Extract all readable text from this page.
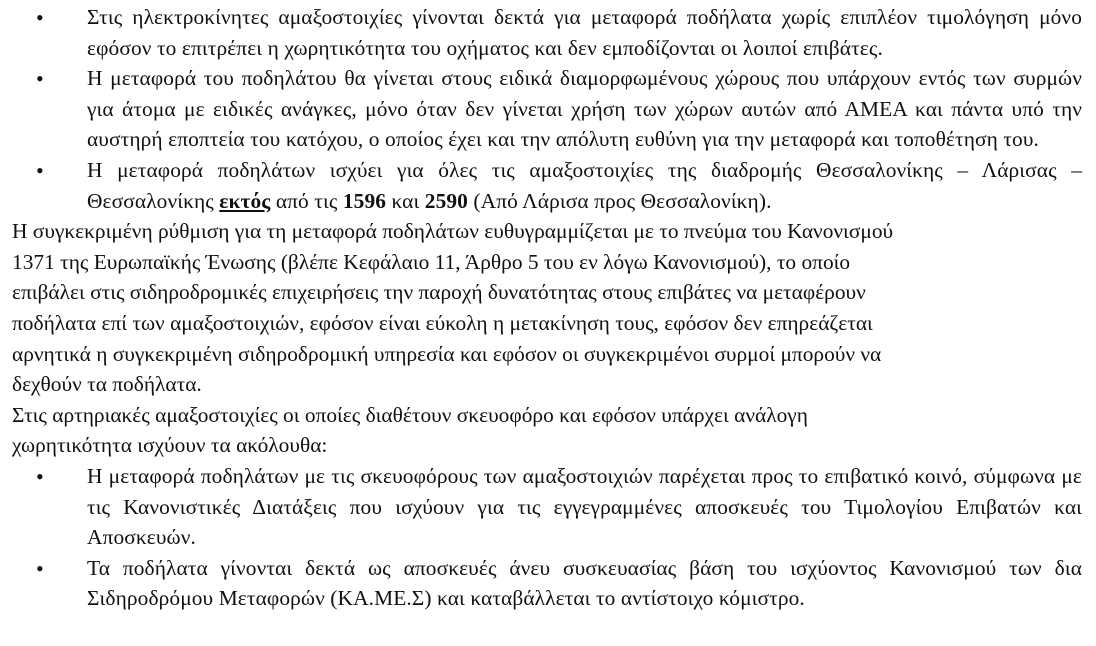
• Στις ηλεκτροκίνητες αμαξοστοιχίες γίνονται δεκτά για μεταφορά ποδήλατα χωρίς επιπλέον τιμολόγηση μόνο εφόσον το επιτρέπει η χωρητικότητα του οχήματος και δεν εμποδίζονται οι λοιποί επιβάτες.
• Η μεταφορά του ποδηλάτου θα γίνεται στους ειδικά διαμορφωμένους χώρους που υπάρχουν εντός των συρμών για άτομα με ειδικές ανάγκες, μόνο όταν δεν γίνεται χρήση των χώρων αυτών από ΑΜΕΑ και πάντα υπό την αυστηρή εποπτεία του κατόχου, ο οποίος έχει και την απόλυτη ευθύνη για την μεταφορά και τοποθέτηση του.
• Η μεταφορά ποδηλάτων ισχύει για όλες τις αμαξοστοιχίες της διαδρομής Θεσσαλονίκης – Λάρισας – Θεσσαλονίκης εκτός από τις 1596 και 2590 (Από Λάρισα προς Θεσσαλονίκη).
Η συγκεκριμένη ρύθμιση για τη μεταφορά ποδηλάτων ευθυγραμμίζεται με το πνεύμα του Κανονισμού
1371 της Ευρωπαϊκής Ένωσης (βλέπε Κεφάλαιο 11, Άρθρο 5 του εν λόγω Κανονισμού), το οποίο
επιβάλει στις σιδηροδρομικές επιχειρήσεις την παροχή δυνατότητας στους επιβάτες να μεταφέρουν
ποδήλατα επί των αμαξοστοιχιών, εφόσον είναι εύκολη η μετακίνηση τους, εφόσον δεν επηρεάζεται
αρνητικά η συγκεκριμένη σιδηροδρομική υπηρεσία και εφόσον οι συγκεκριμένοι συρμοί μπορούν να
δεχθούν τα ποδήλατα.
Στις αρτηριακές αμαξοστοιχίες οι οποίες διαθέτουν σκευοφόρο και εφόσον υπάρχει ανάλογη
χωρητικότητα ισχύουν τα ακόλουθα:
• Η μεταφορά ποδηλάτων με τις σκευοφόρους των αμαξοστοιχιών παρέχεται προς το επιβατικό κοινό, σύμφωνα με τις Κανονιστικές Διατάξεις που ισχύουν για τις εγγεγραμμένες αποσκευές του Τιμολογίου Επιβατών και Αποσκευών.
• Τα ποδήλατα γίνονται δεκτά ως αποσκευές άνευ συσκευασίας βάση του ισχύοντος Κανονισμού των δια Σιδηροδρόμου Μεταφορών (ΚΑ.ΜΕ.Σ) και καταβάλλεται το αντίστοιχο κόμιστρο.
